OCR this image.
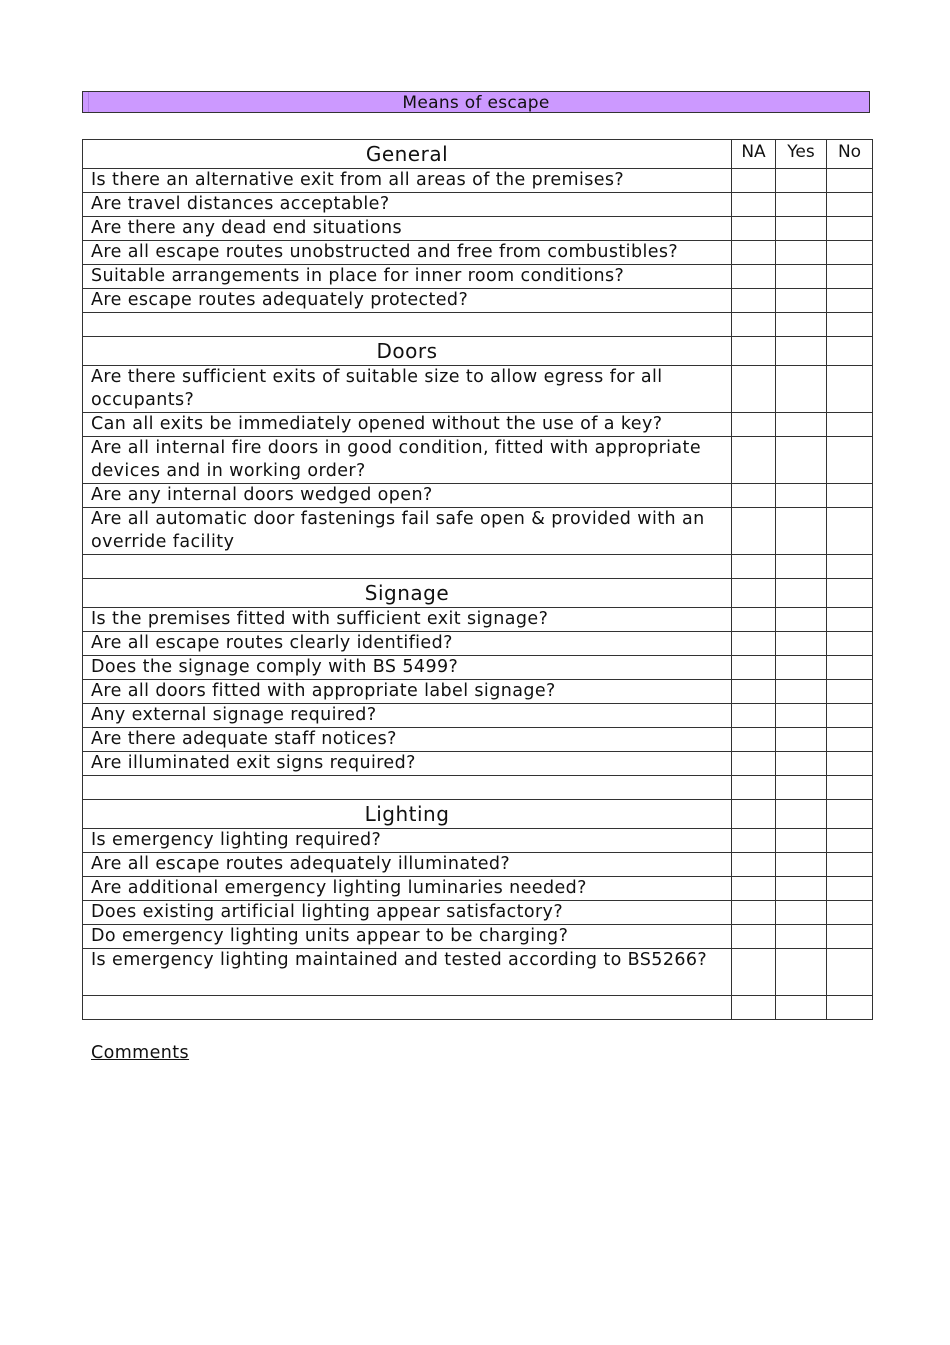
Means of escape
General	NA	Yes	No
Is there an alternative exit from all areas of the premises?			
Are travel distances acceptable?			
Are there any dead end situations			
Are all escape routes unobstructed and free from combustibles?			
Suitable arrangements in place for inner room conditions?			
Are escape routes adequately protected?			

Doors			
Are there sufficient exits of suitable size to allow egress for all occupants?			
Can all exits be immediately opened without the use of a key?			
Are all internal fire doors in good condition, fitted with appropriate devices and in working order?			
Are any internal doors wedged open?			
Are all automatic door fastenings fail safe open & provided with an override facility			

Signage			
Is the premises fitted with sufficient exit signage?			
Are all escape routes clearly identified?			
Does the signage comply with BS 5499?			
Are all doors fitted with appropriate label signage?			
Any external signage required?			
Are there adequate staff notices?			
Are illuminated exit signs required?			

Lighting			
Is emergency lighting required?			
Are all escape routes adequately illuminated?			
Are additional emergency lighting luminaries needed?			
Does existing artificial lighting appear satisfactory?			
Do emergency lighting units appear to be charging?			
Is emergency lighting maintained and tested according to BS5266?			

Comments
